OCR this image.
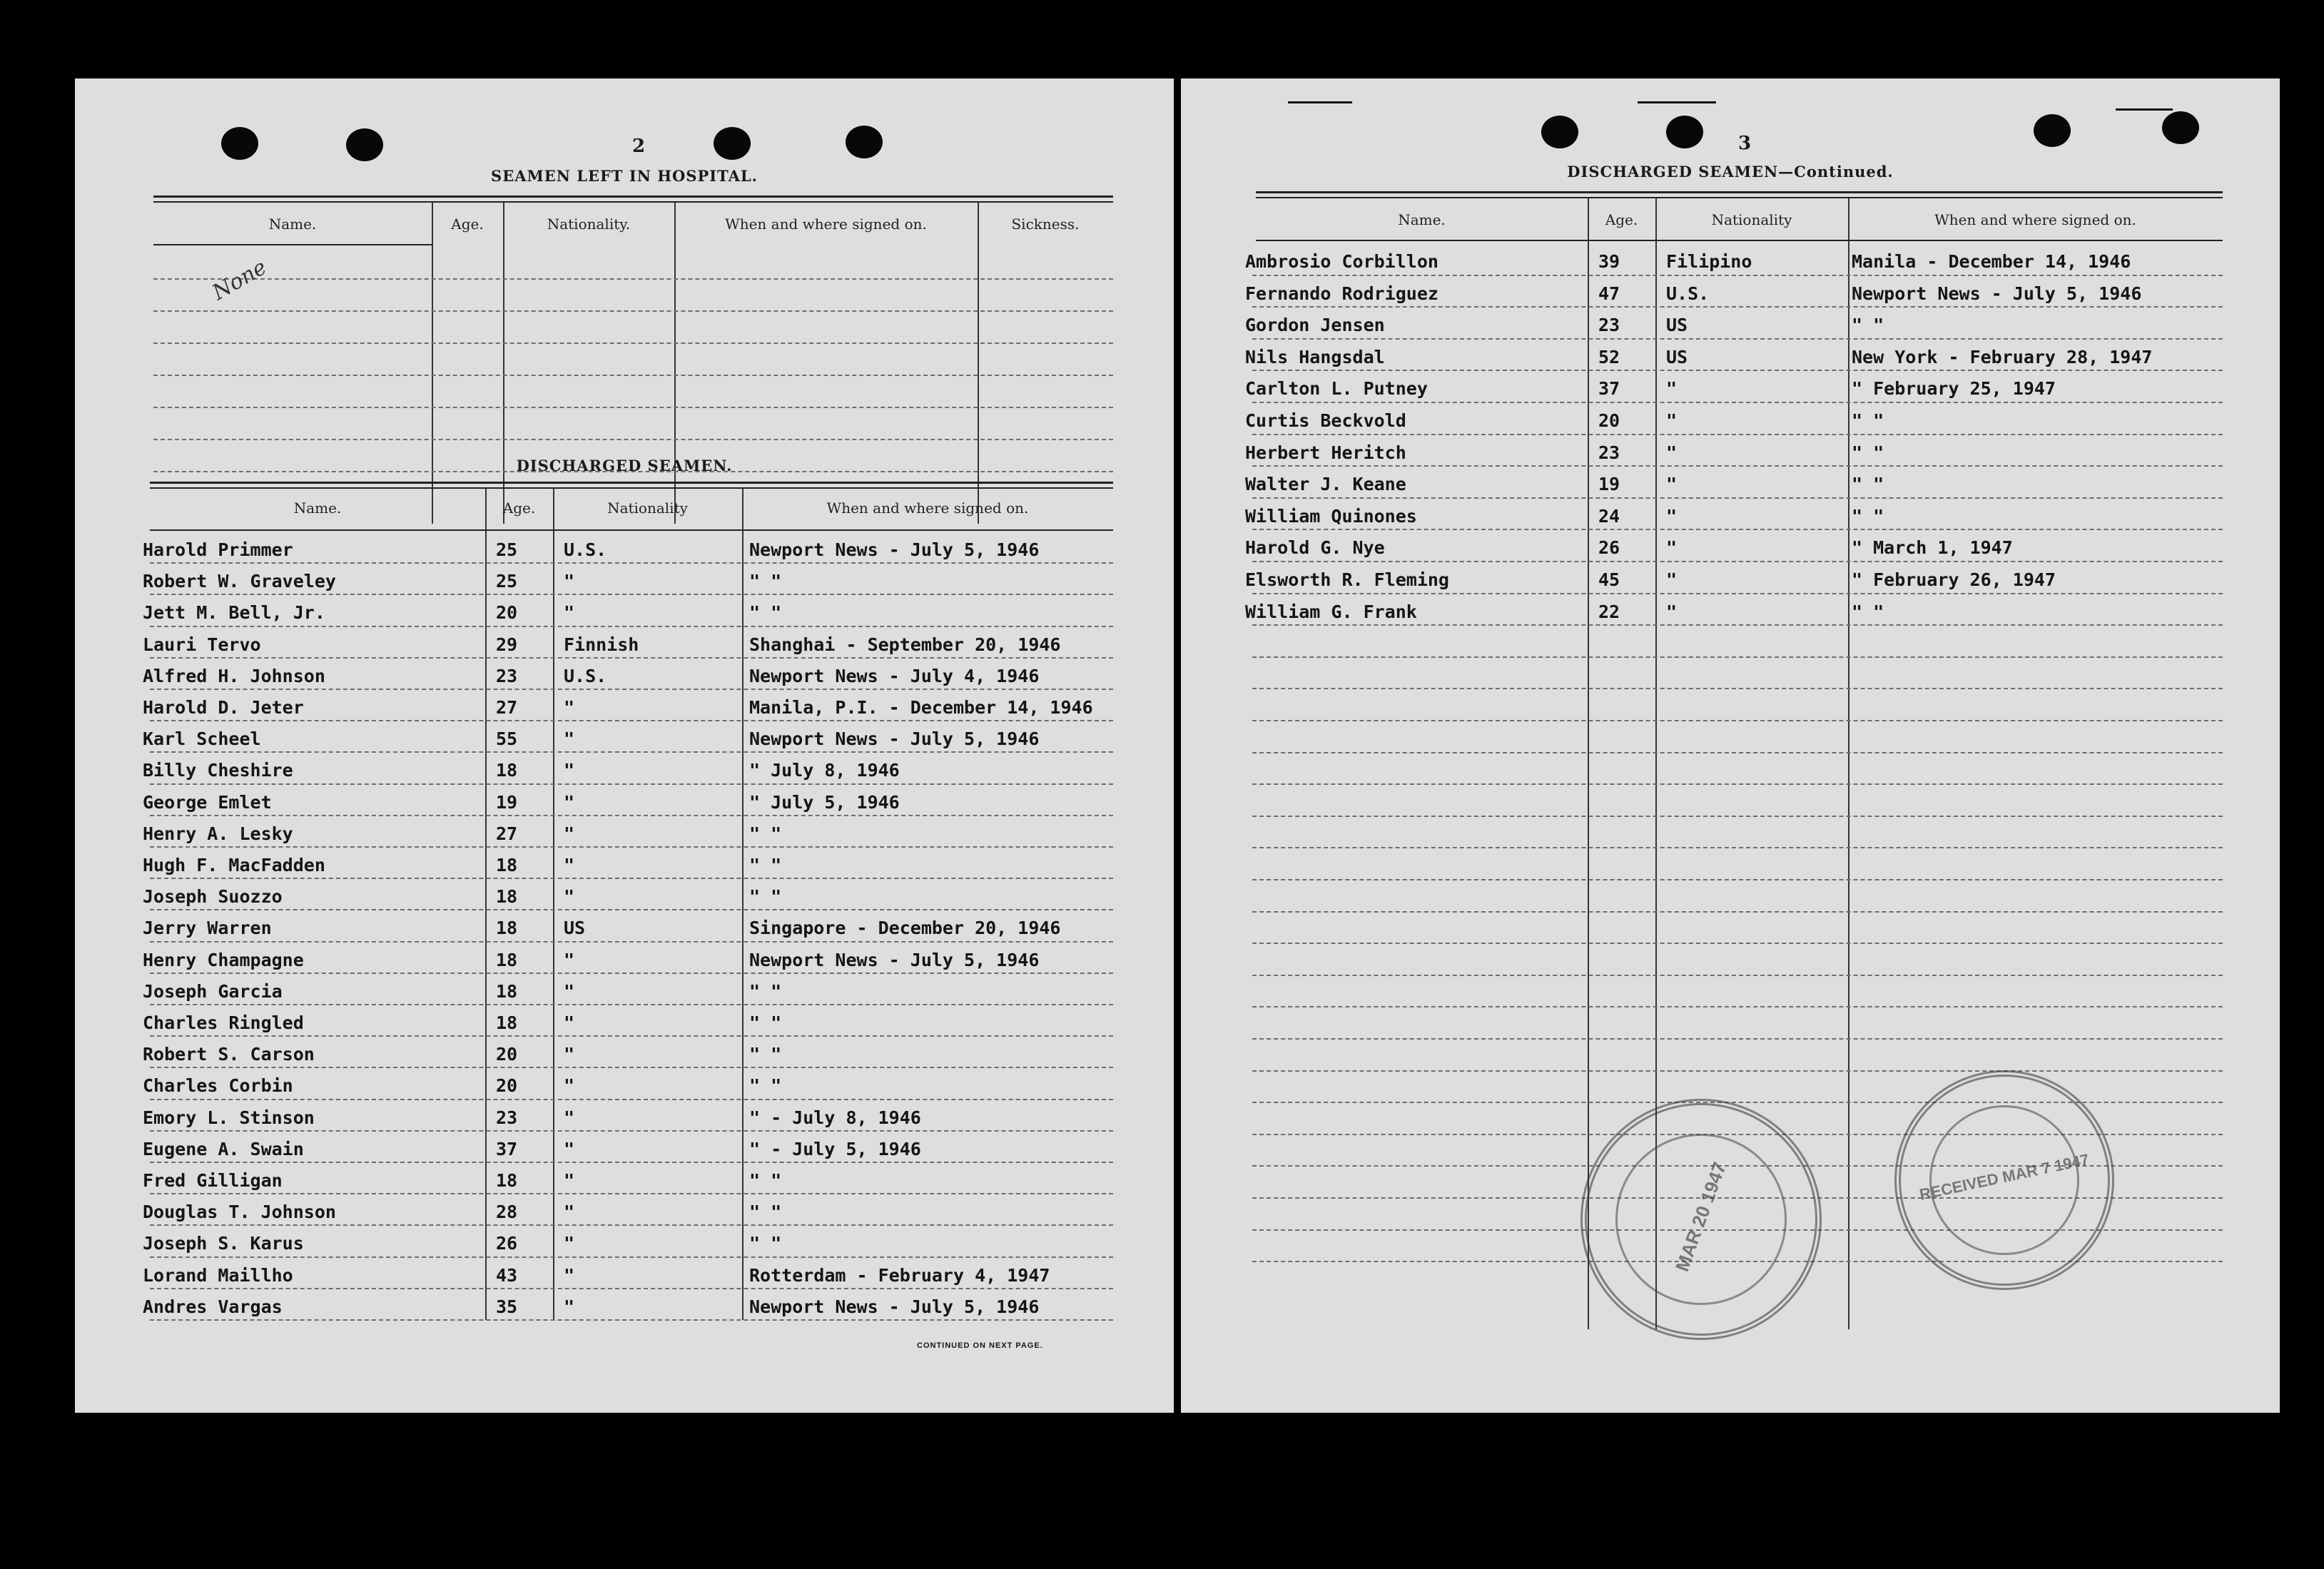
2
SEAMEN LEFT IN HOSPITAL.
Name.	Age.	Nationality.	When and where signed on.	Sickness.
None
DISCHARGED SEAMEN.
Name.	Age.	Nationality	When and where signed on.
Harold Primmer	25	U.S.	Newport News - July 5, 1946
Robert W. Graveley	25	"	" "
Jett M. Bell, Jr.	20	"	" "
Lauri Tervo	29	Finnish	Shanghai - September 20, 1946
Alfred H. Johnson	23	U.S.	Newport News - July 4, 1946
Harold D. Jeter	27	"	Manila, P.I. - December 14, 1946
Karl Scheel	55	"	Newport News - July 5, 1946
Billy Cheshire	18	"	" July 8, 1946
George Emlet	19	"	" July 5, 1946
Henry A. Lesky	27	"	" "
Hugh F. MacFadden	18	"	" "
Joseph Suozzo	18	"	" "
Jerry Warren	18	US	Singapore - December 20, 1946
Henry Champagne	18	"	Newport News - July 5, 1946
Joseph Garcia	18	"	" "
Charles Ringled	18	"	" "
Robert S. Carson	20	"	" "
Charles Corbin	20	"	" "
Emory L. Stinson	23	"	" - July 8, 1946
Eugene A. Swain	37	"	" - July 5, 1946
Fred Gilligan	18	"	" "
Douglas T. Johnson	28	"	" "
Joseph S. Karus	26	"	" "
Lorand Maillho	43	"	Rotterdam - February 4, 1947
Andres Vargas	35	"	Newport News - July 5, 1946
CONTINUED ON NEXT PAGE.
3
DISCHARGED SEAMEN—Continued.
Name.	Age.	Nationality	When and where signed on.
Ambrosio Corbillon	39	Filipino	Manila - December 14, 1946
Fernando Rodriguez	47	U.S.	Newport News - July 5, 1946
Gordon Jensen	23	US	" "
Nils Hangsdal	52	US	New York - February 28, 1947
Carlton L. Putney	37	"	" February 25, 1947
Curtis Beckvold	20	"	" "
Herbert Heritch	23	"	" "
Walter J. Keane	19	"	" "
William Quinones	24	"	" "
Harold G. Nye	26	"	" March 1, 1947
Elsworth R. Fleming	45	"	" February 26, 1947
William G. Frank	22	"	" "
MAR 20 1947	RECEIVED MAR 7 1947
